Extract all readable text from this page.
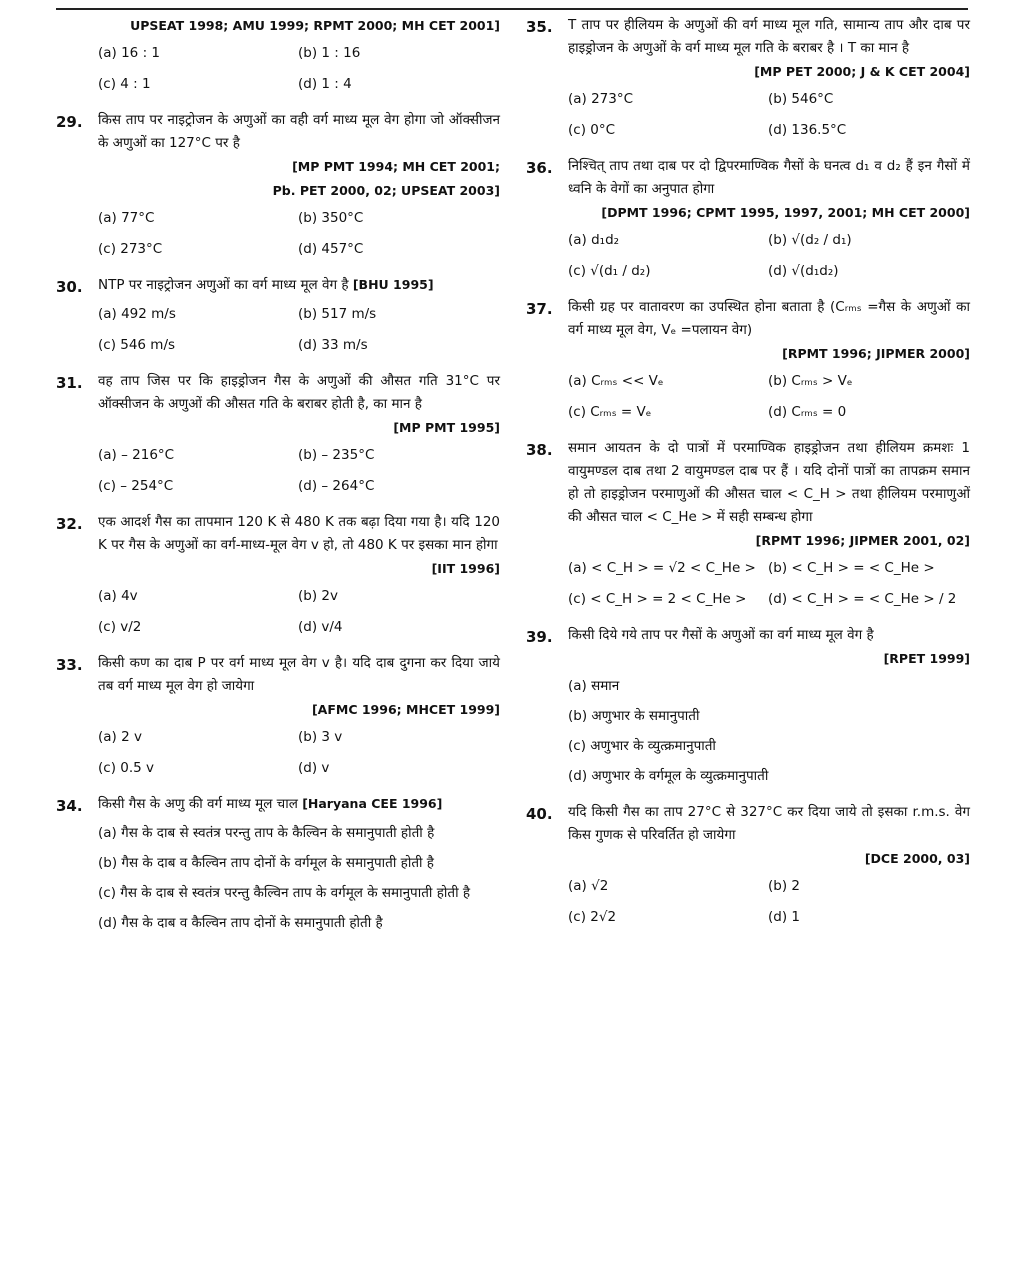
UPSEAT 1998; AMU 1999; RPMT 2000; MH CET 2001]
(a) 16 : 1	(b) 1 : 16
(c) 4 : 1	(d) 1 : 4
29. किस ताप पर नाइट्रोजन के अणुओं का वही वर्ग माध्य मूल वेग होगा जो ऑक्सीजन के अणुओं का 127°C पर है
[MP PMT 1994; MH CET 2001;
Pb. PET 2000, 02; UPSEAT 2003]
(a) 77°C	(b) 350°C
(c) 273°C	(d) 457°C
30. NTP पर नाइट्रोजन अणुओं का वर्ग माध्य मूल वेग है [BHU 1995]
(a) 492 m/s	(b) 517 m/s
(c) 546 m/s	(d) 33 m/s
31. वह ताप जिस पर कि हाइड्रोजन गैस के अणुओं की औसत गति 31°C पर ऑक्सीजन के अणुओं की औसत गति के बराबर होती है, का मान है
[MP PMT 1995]
(a) – 216°C	(b) – 235°C
(c) – 254°C	(d) – 264°C
32. एक आदर्श गैस का तापमान 120 K से 480 K तक बढ़ा दिया गया है। यदि 120 K पर गैस के अणुओं का वर्ग-माध्य-मूल वेग v हो, तो 480 K पर इसका मान होगा
[IIT 1996]
(a) 4v	(b) 2v
(c) v/2	(d) v/4
33. किसी कण का दाब P पर वर्ग माध्य मूल वेग v है। यदि दाब दुगना कर दिया जाये तब वर्ग माध्य मूल वेग हो जायेगा
[AFMC 1996; MHCET 1999]
(a) 2 v	(b) 3 v
(c) 0.5 v	(d) v
34. किसी गैस के अणु की वर्ग माध्य मूल चाल [Haryana CEE 1996]
(a) गैस के दाब से स्वतंत्र परन्तु ताप के कैल्विन के समानुपाती होती है
(b) गैस के दाब व कैल्विन ताप दोनों के वर्गमूल के समानुपाती होती है
(c) गैस के दाब से स्वतंत्र परन्तु कैल्विन ताप के वर्गमूल के समानुपाती होती है
(d) गैस के दाब व कैल्विन ताप दोनों के समानुपाती होती है
35. T ताप पर हीलियम के अणुओं की वर्ग माध्य मूल गति, सामान्य ताप और दाब पर हाइड्रोजन के अणुओं के वर्ग माध्य मूल गति के बराबर है । T का मान है
[MP PET 2000; J & K CET 2004]
(a) 273°C	(b) 546°C
(c) 0°C	(d) 136.5°C
36. निश्चित् ताप तथा दाब पर दो द्विपरमाण्विक गैसों के घनत्व d₁ व d₂ हैं इन गैसों में ध्वनि के वेगों का अनुपात होगा
[DPMT 1996; CPMT 1995, 1997, 2001; MH CET 2000]
(a) d₁d₂	(b) √(d₂ / d₁)
(c) √(d₁ / d₂)	(d) √(d₁d₂)
37. किसी ग्रह पर वातावरण का उपस्थित होना बताता है (Cᵣₘₛ =गैस के अणुओं का वर्ग माध्य मूल वेग, Vₑ =पलायन वेग)
[RPMT 1996; JIPMER 2000]
(a) Cᵣₘₛ << Vₑ	(b) Cᵣₘₛ > Vₑ
(c) Cᵣₘₛ = Vₑ	(d) Cᵣₘₛ = 0
38. समान आयतन के दो पात्रों में परमाण्विक हाइड्रोजन तथा हीलियम क्रमशः 1 वायुमण्डल दाब तथा 2 वायुमण्डल दाब पर हैं । यदि दोनों पात्रों का तापक्रम समान हो तो हाइड्रोजन परमाणुओं की औसत चाल < C_H > तथा हीलियम परमाणुओं की औसत चाल < C_He > में सही सम्बन्ध होगा
[RPMT 1996; JIPMER 2001, 02]
(a) < C_H > = √2 < C_He > (b) < C_H > = < C_He >
(c) < C_H > = 2 < C_He >	(d) < C_H > = < C_He > / 2
39. किसी दिये गये ताप पर गैसों के अणुओं का वर्ग माध्य मूल वेग है
[RPET 1999]
(a) समान
(b) अणुभार के समानुपाती
(c) अणुभार के व्युत्क्रमानुपाती
(d) अणुभार के वर्गमूल के व्युत्क्रमानुपाती
40. यदि किसी गैस का ताप 27°C से 327°C कर दिया जाये तो इसका r.m.s. वेग किस गुणक से परिवर्तित हो जायेगा
[DCE 2000, 03]
(a) √2	(b) 2
(c) 2√2	(d) 1
